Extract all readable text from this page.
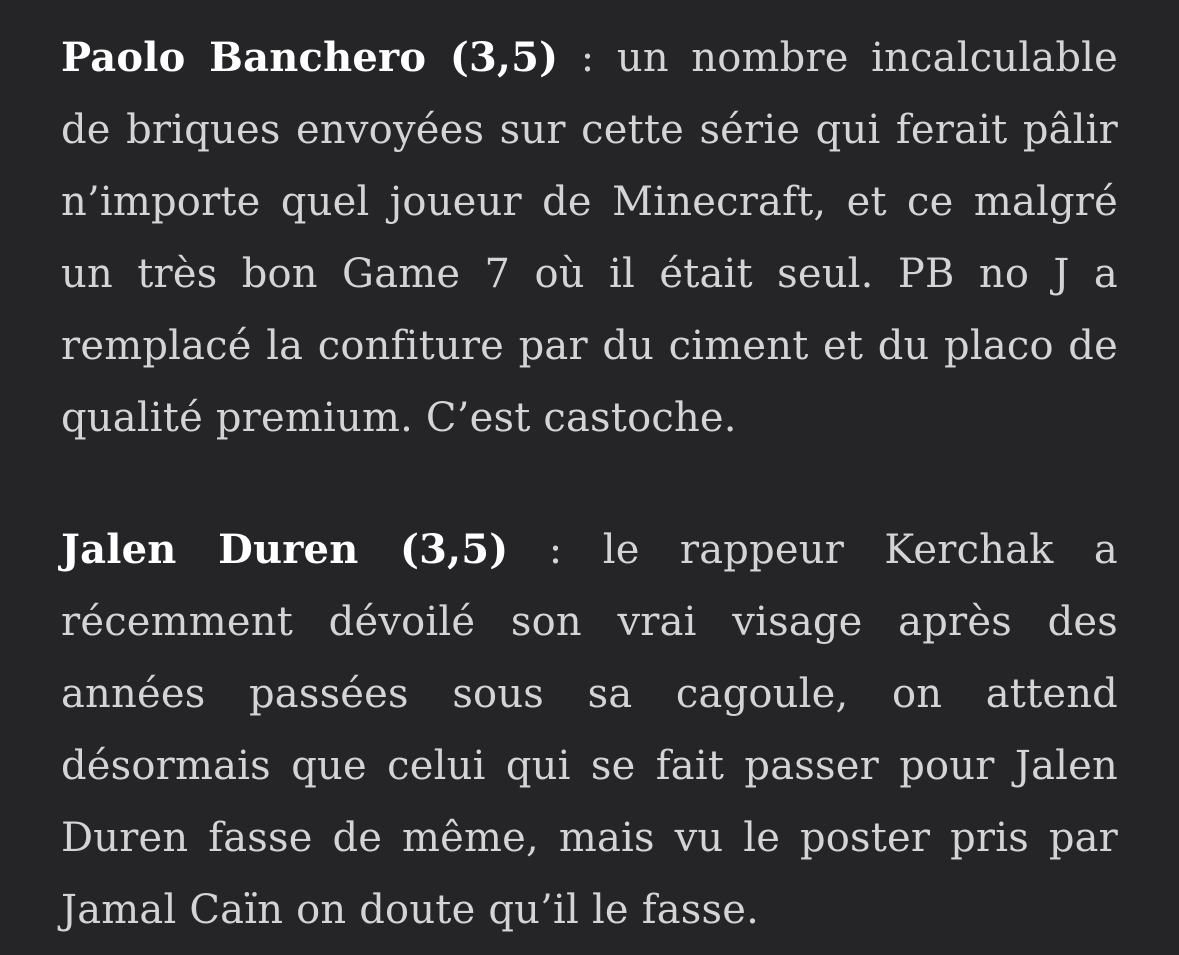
Paolo Banchero (3,5) : un nombre incalculable de briques envoyées sur cette série qui ferait pâlir n’importe quel joueur de Minecraft, et ce malgré un très bon Game 7 où il était seul. PB no J a remplacé la confiture par du ciment et du placo de qualité premium. C’est castoche.

Jalen Duren (3,5) : le rappeur Kerchak a récemment dévoilé son vrai visage après des années passées sous sa cagoule, on attend désormais que celui qui se fait passer pour Jalen Duren fasse de même, mais vu le poster pris par Jamal Caïn on doute qu’il le fasse.
